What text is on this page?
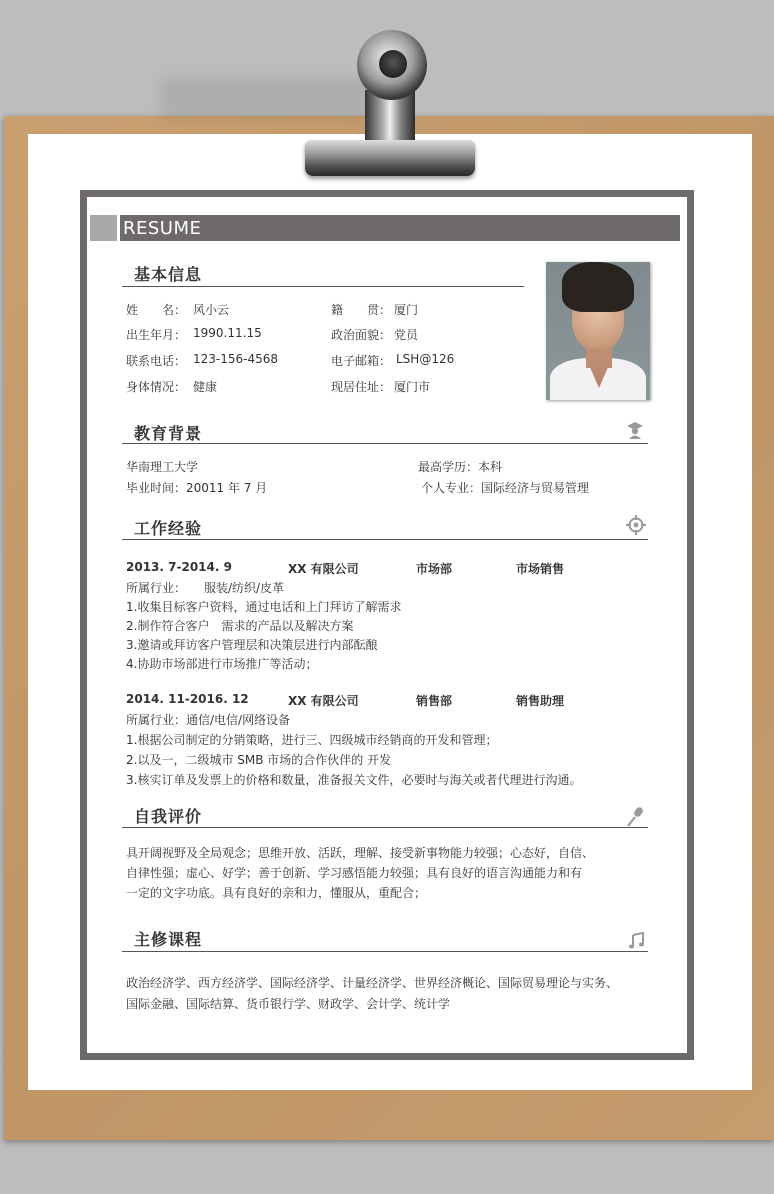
RESUME
基本信息
姓　　名： 风小云	籍　　贯： 厦门
出生年月： 1990.11.15	政治面貌： 党员
联系电话： 123-156-4568	电子邮箱： LSH@126
身体情况： 健康	现居住址： 厦门市
教育背景
华南理工大学	最高学历：本科
毕业时间：20011 年 7 月	个人专业：国际经济与贸易管理
工作经验
2013. 7-2014. 9	XX 有限公司	市场部	市场销售
所属行业：　　服装/纺织/皮革
1.收集目标客户资料，通过电话和上门拜访了解需求
2.制作符合客户　需求的产品以及解决方案
3.邀请或拜访客户管理层和决策层进行内部酝酿
4.协助市场部进行市场推广等活动；
2014. 11-2016. 12	XX 有限公司	销售部	销售助理
所属行业：通信/电信/网络设备
1.根据公司制定的分销策略，进行三、四级城市经销商的开发和管理；
2.以及一，二级城市 SMB 市场的合作伙伴的 开发
3.核实订单及发票上的价格和数量，准备报关文件，必要时与海关或者代理进行沟通。
自我评价
具开阔视野及全局观念；思维开放、活跃，理解、接受新事物能力较强；心态好，自信、
自律性强；虚心、好学；善于创新、学习感悟能力较强；具有良好的语言沟通能力和有
一定的文字功底。具有良好的亲和力，懂服从，重配合；
主修课程
政治经济学、西方经济学、国际经济学、计量经济学、世界经济概论、国际贸易理论与实务、
国际金融、国际结算、货币银行学、财政学、会计学、统计学
